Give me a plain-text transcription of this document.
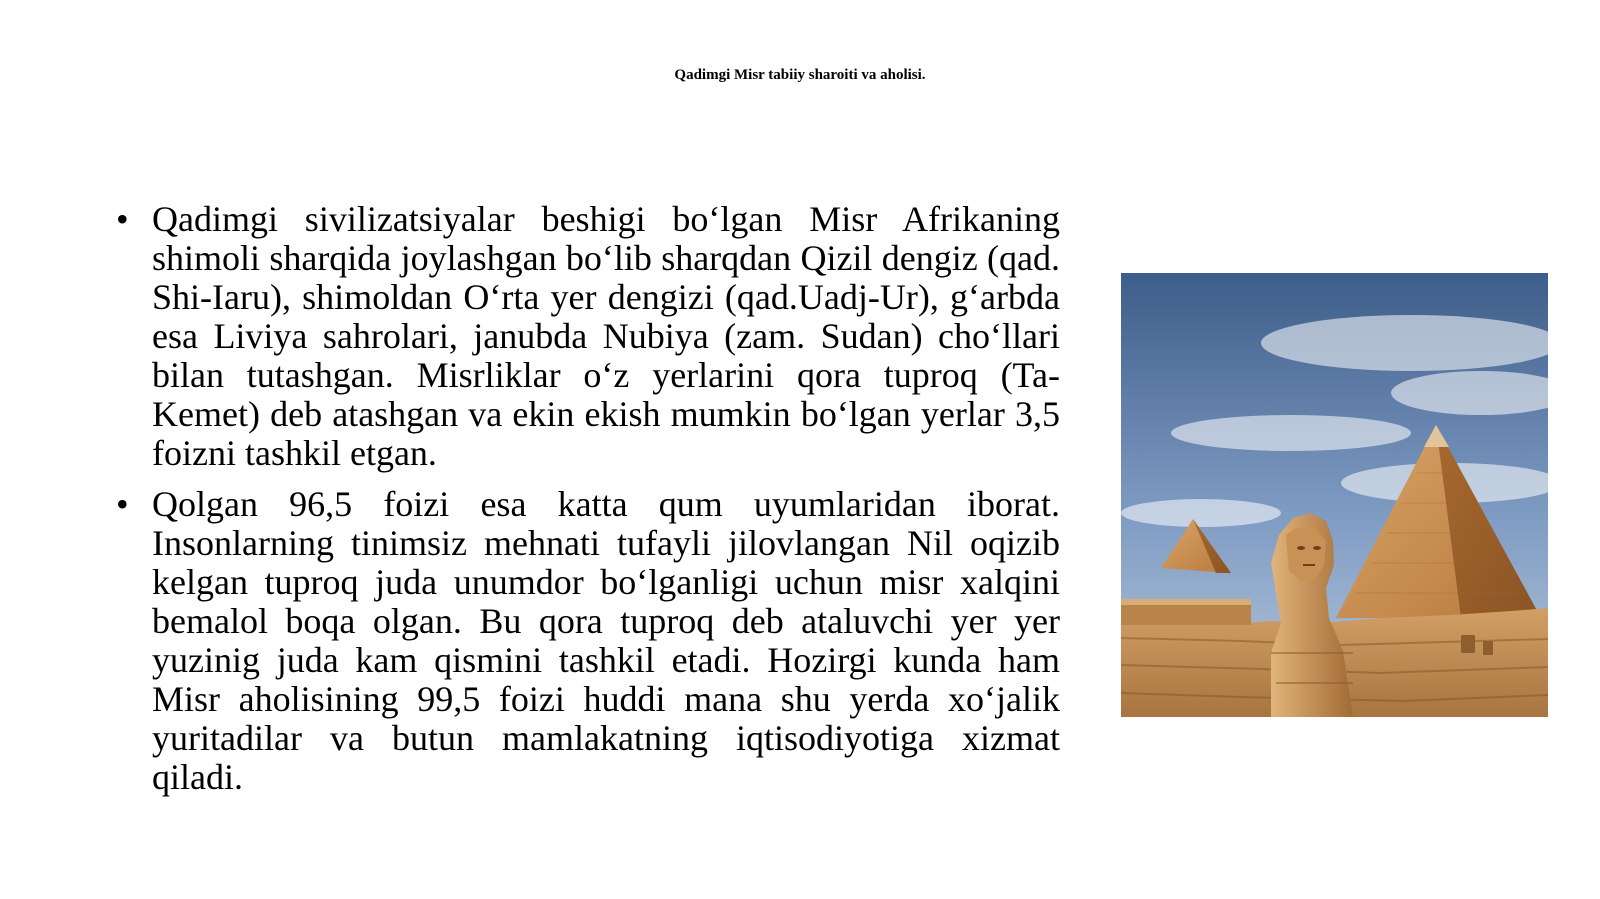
Qadimgi Misr tabiiy sharoiti va aholisi.
• Qadimgi sivilizatsiyalar beshigi bo‘lgan Misr Afrikaning shimoli sharqida joylashgan bo‘lib sharqdan Qizil dengiz (qad. Shi-Iaru), shimoldan O‘rta yer dengizi (qad.Uadj-Ur), g‘arbda esa Liviya sahrolari, janubda Nubiya (zam. Sudan) cho‘llari bilan tutashgan. Misrliklar o‘z yerlarini qora tuproq (Ta-Kemet) deb atashgan va ekin ekish mumkin bo‘lgan yerlar 3,5 foizni tashkil etgan.
• Qolgan 96,5 foizi esa katta qum uyumlaridan iborat. Insonlarning tinimsiz mehnati tufayli jilovlangan Nil oqizib kelgan tuproq juda unumdor bo‘lganligi uchun misr xalqini bemalol boqa olgan. Bu qora tuproq deb ataluvchi yer yer yuzinig juda kam qismini tashkil etadi. Hozirgi kunda ham Misr aholisining 99,5 foizi huddi mana shu yerda xo‘jalik yuritadilar va butun mamlakatning iqtisodiyotiga xizmat qiladi.
